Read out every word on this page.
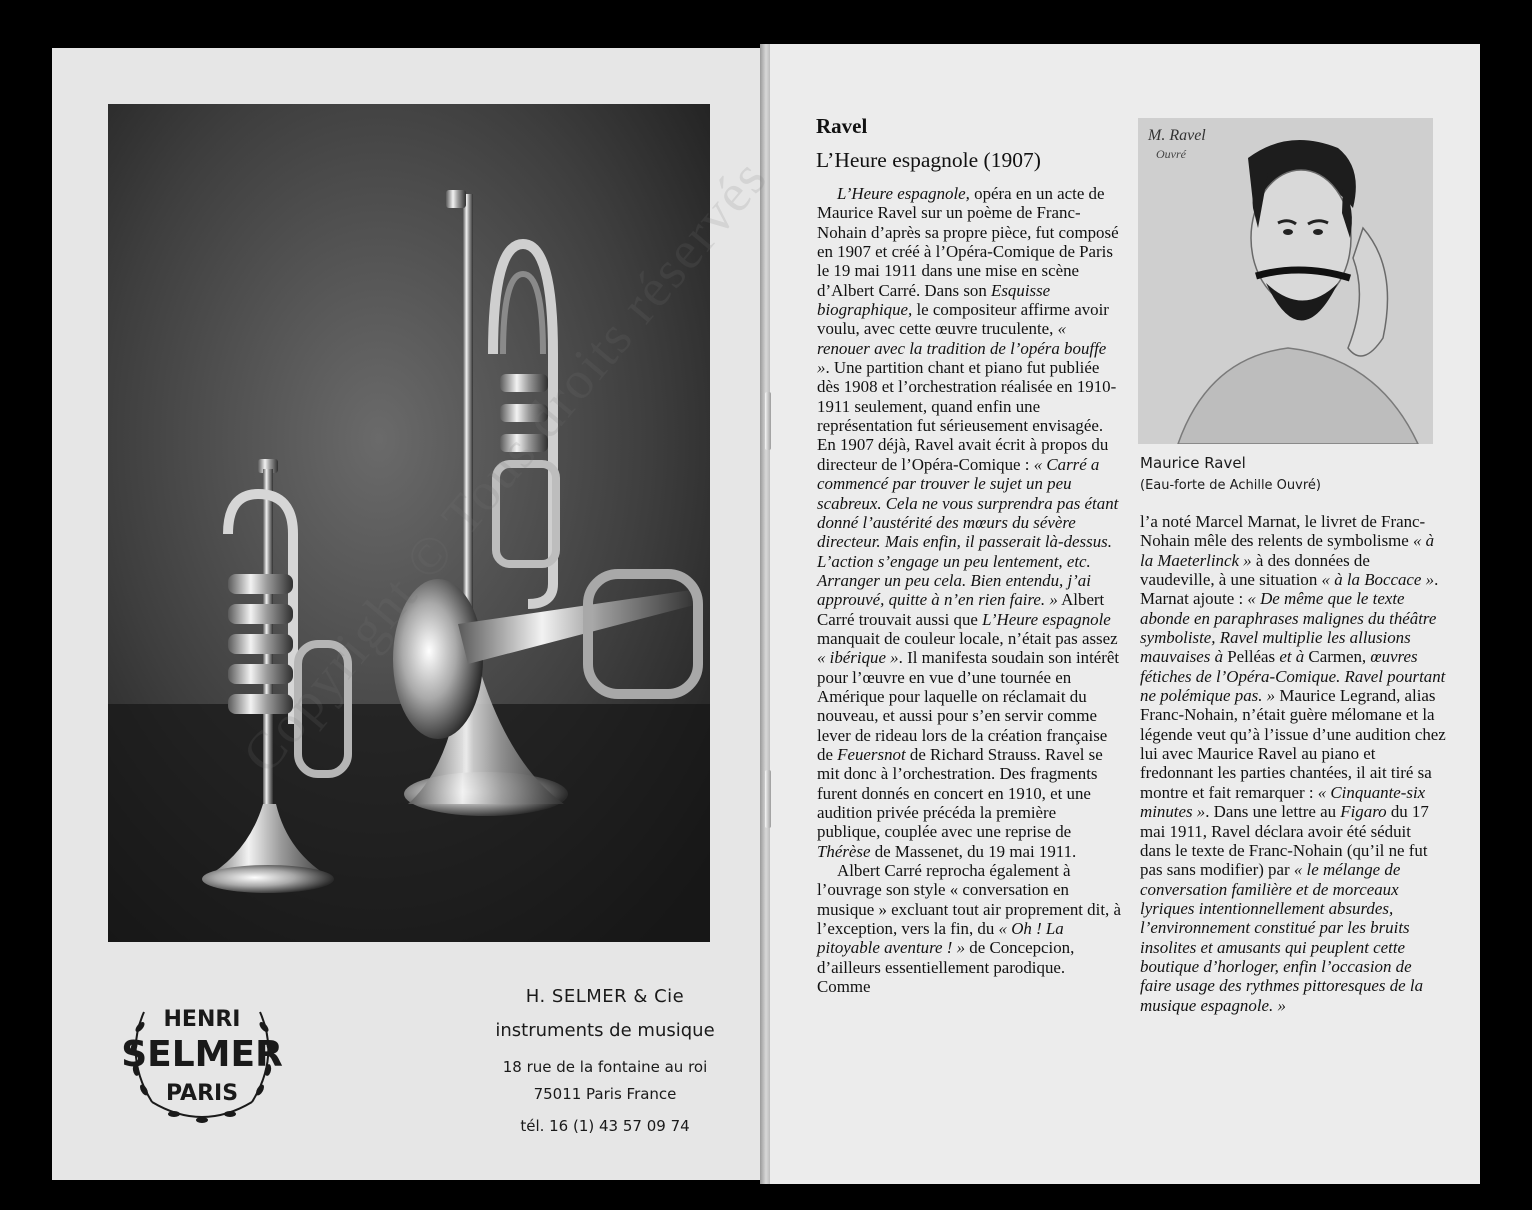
HENRI
SELMER
PARIS
H. SELMER & Cie
instruments de musique
18 rue de la fontaine au roi
75011 Paris France
tél. 16 (1) 43 57 09 74
Ravel
L’Heure espagnole (1907)

L’Heure espagnole, opéra en un acte de Maurice Ravel sur un poème de Franc-Nohain d’après sa propre pièce, fut composé en 1907 et créé à l’Opéra-Comique de Paris le 19 mai 1911 dans une mise en scène d’Albert Carré. Dans son Esquisse biographique, le compositeur affirme avoir voulu, avec cette œuvre truculente, « renouer avec la tradition de l’opéra bouffe ». Une partition chant et piano fut publiée dès 1908 et l’orchestration réalisée en 1910-1911 seulement, quand enfin une représentation fut sérieusement envisagée. En 1907 déjà, Ravel avait écrit à propos du directeur de l’Opéra-Comique : « Carré a commencé par trouver le sujet un peu scabreux. Cela ne vous surprendra pas étant donné l’austérité des mœurs du sévère directeur. Mais enfin, il passerait là-dessus. L’action s’engage un peu lentement, etc. Arranger un peu cela. Bien entendu, j’ai approuvé, quitte à n’en rien faire. » Albert Carré trouvait aussi que L’Heure espagnole manquait de couleur locale, n’était pas assez « ibérique ». Il manifesta soudain son intérêt pour l’œuvre en vue d’une tournée en Amérique pour laquelle on réclamait du nouveau, et aussi pour s’en servir comme lever de rideau lors de la création française de Feuersnot de Richard Strauss. Ravel se mit donc à l’orchestration. Des fragments furent donnés en concert en 1910, et une audition privée précéda la première publique, couplée avec une reprise de Thérèse de Massenet, du 19 mai 1911.

Albert Carré reprocha également à l’ouvrage son style « conversation en musique » excluant tout air proprement dit, à l’exception, vers la fin, du « Oh ! La pitoyable aventure ! » de Concepcion, d’ailleurs essentiellement parodique. Comme

M. Ravel
Ouvré
Maurice Ravel
(Eau-forte de Achille Ouvré)

l’a noté Marcel Marnat, le livret de Franc-Nohain mêle des relents de symbolisme « à la Maeterlinck » à des données de vaudeville, à une situation « à la Boccace ». Marnat ajoute : « De même que le texte abonde en paraphrases malignes du théâtre symboliste, Ravel multiplie les allusions mauvaises à Pelléas et à Carmen, œuvres fétiches de l’Opéra-Comique. Ravel pourtant ne polémique pas. » Maurice Legrand, alias Franc-Nohain, n’était guère mélomane et la légende veut qu’à l’issue d’une audition chez lui avec Maurice Ravel au piano et fredonnant les parties chantées, il ait tiré sa montre et fait remarquer : « Cinquante-six minutes ». Dans une lettre au Figaro du 17 mai 1911, Ravel déclara avoir été séduit dans le texte de Franc-Nohain (qu’il ne fut pas sans modifier) par « le mélange de conversation familière et de morceaux lyriques intentionnellement absurdes, l’environnement constitué par les bruits insolites et amusants qui peuplent cette boutique d’horloger, enfin l’occasion de faire usage des rythmes pittoresques de la musique espagnole. »
